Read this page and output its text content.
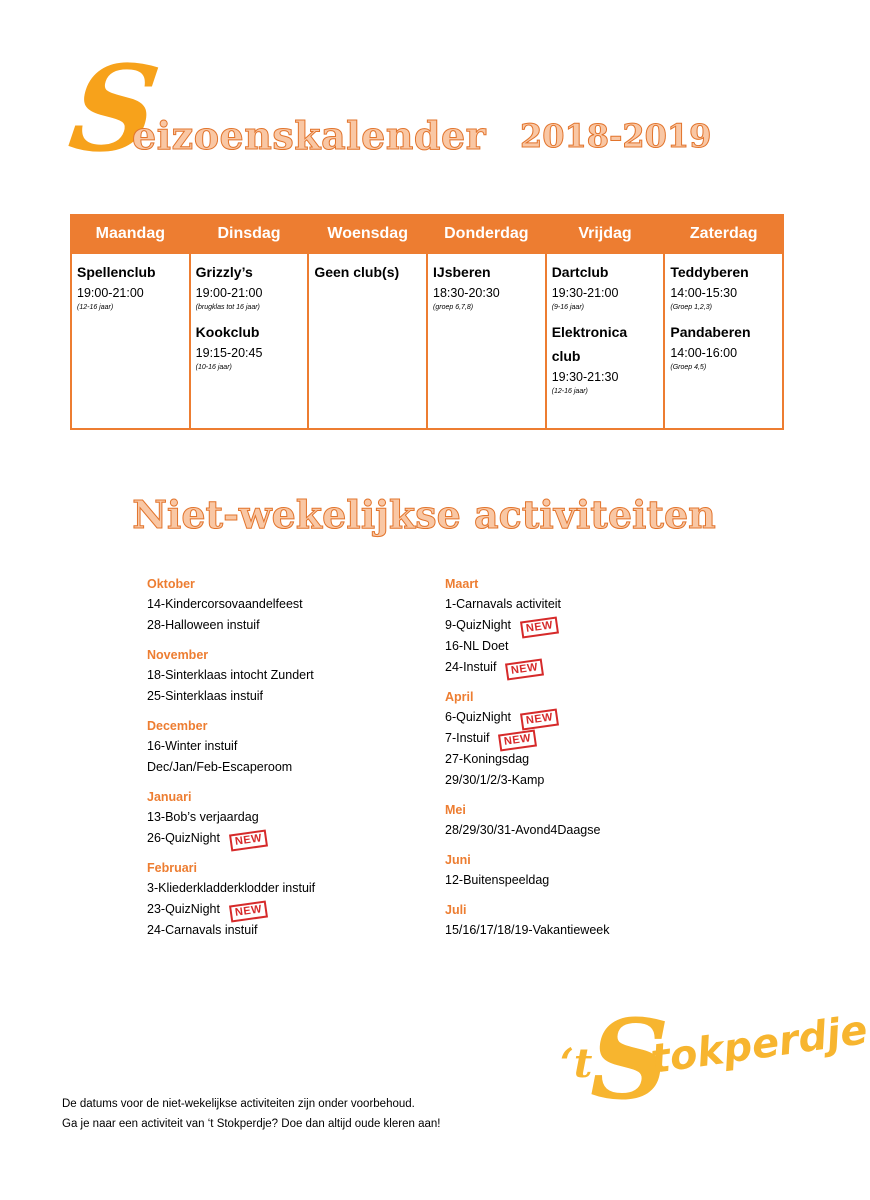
S
eizoenskalender 2018-2019
Maandag
Spellenclub
19:00-21:00
(12-16 jaar)
Dinsdag
Grizzly’s
19:00-21:00
(brugklas tot 16 jaar)
Kookclub
19:15-20:45
(10-16 jaar)
Woensdag
Geen club(s)
Donderdag
IJsberen
18:30-20:30
(groep 6,7,8)
Vrijdag
Dartclub
19:30-21:00
(9-16 jaar)
Elektronica club
19:30-21:30
(12-16 jaar)
Zaterdag
Teddyberen
14:00-15:30
(Groep 1,2,3)
Pandaberen
14:00-16:00
(Groep 4,5)
Niet-wekelijkse activiteiten
Oktober
14-Kindercorsovaandelfeest
28-Halloween instuif
November
18-Sinterklaas intocht Zundert
25-Sinterklaas instuif
December
16-Winter instuif
Dec/Jan/Feb-Escaperoom
Januari
13-Bob’s verjaardag
26-QuizNight NEW
Februari
3-Kliederkladderklodder instuif
23-QuizNight NEW
24-Carnavals instuif
Maart
1-Carnavals activiteit
9-QuizNight NEW
16-NL Doet
24-Instuif NEW
April
6-QuizNight NEW
7-Instuif NEW
27-Koningsdag
29/30/1/2/3-Kamp
Mei
28/29/30/31-Avond4Daagse
Juni
12-Buitenspeeldag
Juli
15/16/17/18/19-Vakantieweek
De datums voor de niet-wekelijkse activiteiten zijn onder voorbehoud.
Ga je naar een activiteit van ‘t Stokperdje? Doe dan altijd oude kleren aan!
‘t
S
tokperdje
